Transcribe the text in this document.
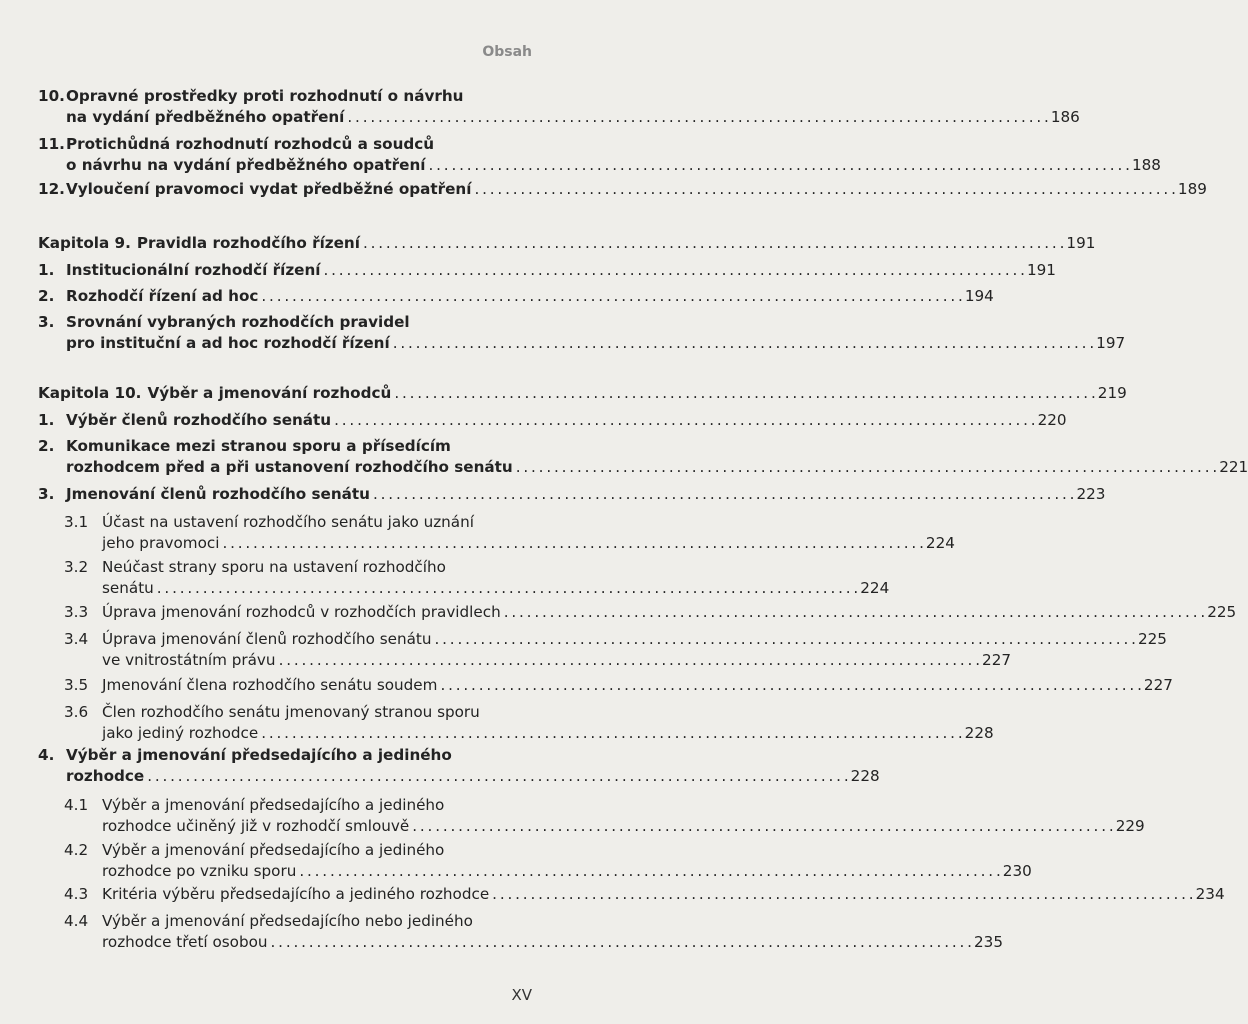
Obsah
10. Opravné prostředky proti rozhodnutí o návrhu
na vydání předběžného opatření . . .	186
11. Protichůdná rozhodnutí rozhodců a soudců
o návrhu na vydání předběžného opatření . . .	188
12. Vyloučení pravomoci vydat předběžné opatření . . .	189
Kapitola 9. Pravidla rozhodčího řízení . . .	191
1. Institucionální rozhodčí řízení . . .	191
2. Rozhodčí řízení ad hoc . . .	194
3. Srovnání vybraných rozhodčích pravidel
pro instituční a ad hoc rozhodčí řízení . . .	197
Kapitola 10. Výběr a jmenování rozhodců . . .	219
1. Výběr členů rozhodčího senátu . . .	220
2. Komunikace mezi stranou sporu a přísedícím
rozhodcem před a při ustanovení rozhodčího senátu . . .	221
3. Jmenování členů rozhodčího senátu . . .	223
3.1 Účast na ustavení rozhodčího senátu jako uznání
jeho pravomoci . . .	224
3.2 Neúčast strany sporu na ustavení rozhodčího
senátu . . .	224
3.3 Úprava jmenování rozhodců v rozhodčích pravidlech . . .	225
3.4 Úprava jmenování členů rozhodčího senátu . . .	225
ve vnitrostátním právu . . .	227
3.5 Jmenování člena rozhodčího senátu soudem . . .	227
3.6 Člen rozhodčího senátu jmenovaný stranou sporu
jako jediný rozhodce . . .	228
4. Výběr a jmenování předsedajícího a jediného
rozhodce . . .	228
4.1 Výběr a jmenování předsedajícího a jediného
rozhodce učiněný již v rozhodčí smlouvě . . .	229
4.2 Výběr a jmenování předsedajícího a jediného
rozhodce po vzniku sporu . . .	230
4.3 Kritéria výběru předsedajícího a jediného rozhodce . . .	234
4.4 Výběr a jmenování předsedajícího nebo jediného
rozhodce třetí osobou . . .	235
XV
